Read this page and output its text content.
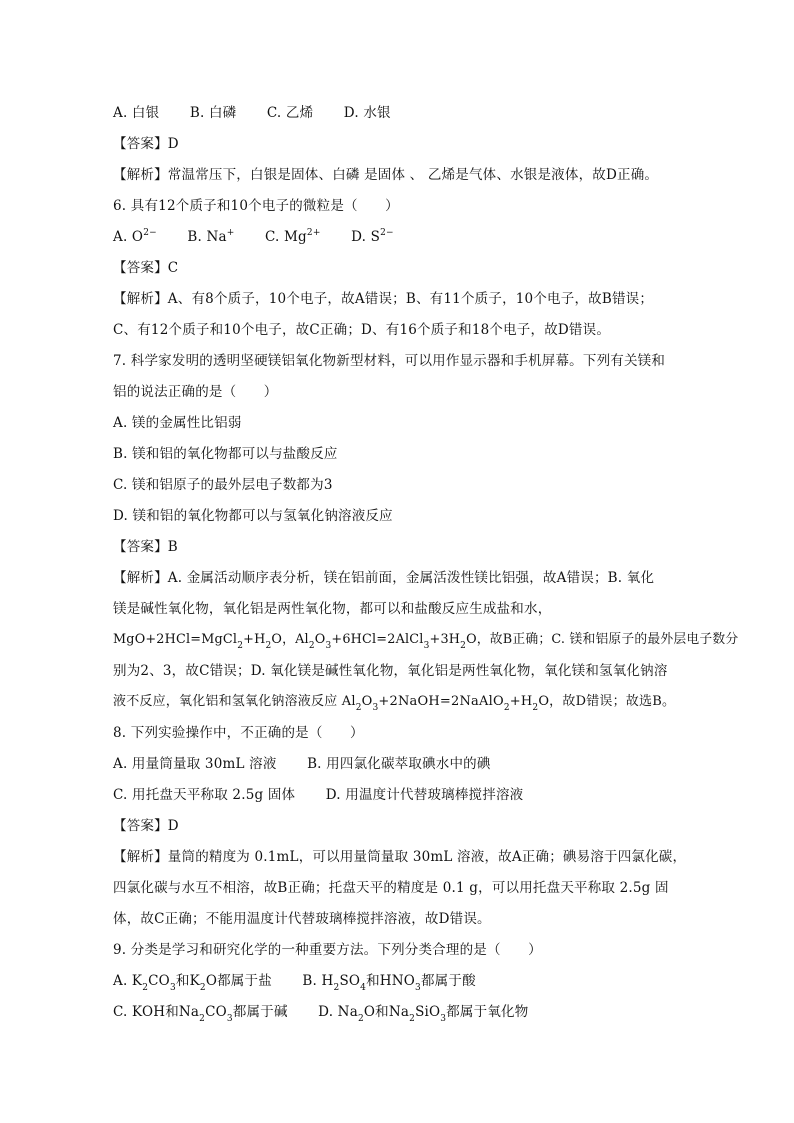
A. 白银 B. 白磷 C. 乙烯 D. 水银
【答案】D
【解析】常温常压下，白银是固体、白磷 是固体 、 乙烯是气体、水银是液体，故D正确。
6. 具有12个质子和10个电子的微粒是（　　）
A. $O^{2-}$ B. Na+ C. $Mg^{2+}$ D. $S^{2-}$
【答案】C
【解析】A、有8个质子，10个电子，故A错误；B、有11个质子，10个电子，故B错误；
C、有12个质子和10个电子，故C正确；D、有16个质子和18个电子，故D错误。
7. 科学家发明的透明坚硬镁铝氧化物新型材料，可以用作显示器和手机屏幕。下列有关镁和
铝的说法正确的是（　　）
A. 镁的金属性比铝弱
B. 镁和铝的氧化物都可以与盐酸反应
C. 镁和铝原子的最外层电子数都为3
D. 镁和铝的氧化物都可以与氢氧化钠溶液反应
【答案】B
【解析】A. 金属活动顺序表分析，镁在铝前面，金属活泼性镁比铝强，故A错误；B. 氧化
镁是碱性氧化物，氧化铝是两性氧化物，都可以和盐酸反应生成盐和水，
$MgO+2HCl=MgCl_2+H_2O$，$Al_2O_3+6HCl=2AlCl_3+3H_2O$，故B正确；C. 镁和铝原子的最外层电子数分
别为2、3，故C错误；D. 氧化镁是碱性氧化物，氧化铝是两性氧化物，氧化镁和氢氧化钠溶
液不反应，氧化铝和氢氧化钠溶液反应 $Al_2O_3+2NaOH=2NaAlO_2+H_2O$，故D错误；故选B。
8. 下列实验操作中，不正确的是（　　）
A. 用量筒量取 30mL 溶液 B. 用四氯化碳萃取碘水中的碘
C. 用托盘天平称取 2.5g 固体 D. 用温度计代替玻璃棒搅拌溶液
【答案】D
【解析】量筒的精度为 0.1mL，可以用量筒量取 30mL 溶液，故A正确；碘易溶于四氯化碳，
四氯化碳与水互不相溶，故B正确；托盘天平的精度是 0.1 g，可以用托盘天平称取 2.5g 固
体，故C正确；不能用温度计代替玻璃棒搅拌溶液，故D错误。
9. 分类是学习和研究化学的一种重要方法。下列分类合理的是（　　）
A. $K_2CO_3$和$K_2O$都属于盐 B. $H_2SO_4$和$HNO_3$都属于酸
C. KOH和$Na_2CO_3$都属于碱 D. $Na_2O$和$Na_2SiO_3$都属于氧化物
